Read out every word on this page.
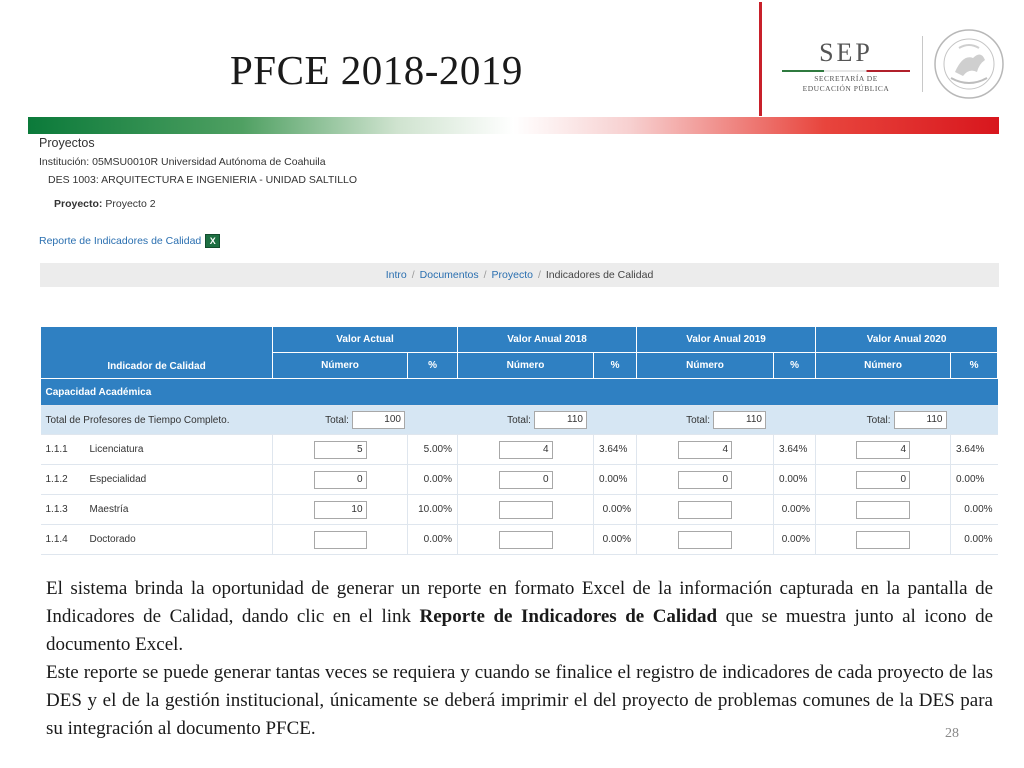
PFCE 2018-2019	SEP
SECRETARÍA DE
EDUCACIÓN PÚBLICA
Proyectos
Institución: 05MSU0010R Universidad Autónoma de Coahuila
DES 1003: ARQUITECTURA E INGENIERIA - UNIDAD SALTILLO
Proyecto: Proyecto 2
Reporte de Indicadores de Calidad X
Intro / Documentos / Proyecto / Indicadores de Calidad
Indicador de Calidad		Valor Actual		Valor Anual 2018		Valor Anual 2019		Valor Anual 2020	
		Número	%	Número	%	Número	%	Número	%
Capacidad Académica									
Total de Profesores de Tiempo Completo.		Total: 100		Total: 110		Total: 110		Total: 110	
1.1.1	Licenciatura	5	5.00%	4	3.64%	4	3.64%	4	3.64%
1.1.2	Especialidad	0	0.00%	0	0.00%	0	0.00%	0	0.00%
1.1.3	Maestría	10	10.00%		0.00%		0.00%		0.00%
1.1.4	Doctorado		0.00%		0.00%		0.00%		0.00%

El sistema brinda la oportunidad de generar un reporte en formato Excel de la información capturada en la pantalla de Indicadores de Calidad, dando clic en el link Reporte de Indicadores de Calidad que se muestra junto al icono de documento Excel.

Este reporte se puede generar tantas veces se requiera y cuando se finalice el registro de indicadores de cada proyecto de las DES y el de la gestión institucional, únicamente se deberá imprimir el del proyecto de problemas comunes de la DES para su integración al documento PFCE.	28
